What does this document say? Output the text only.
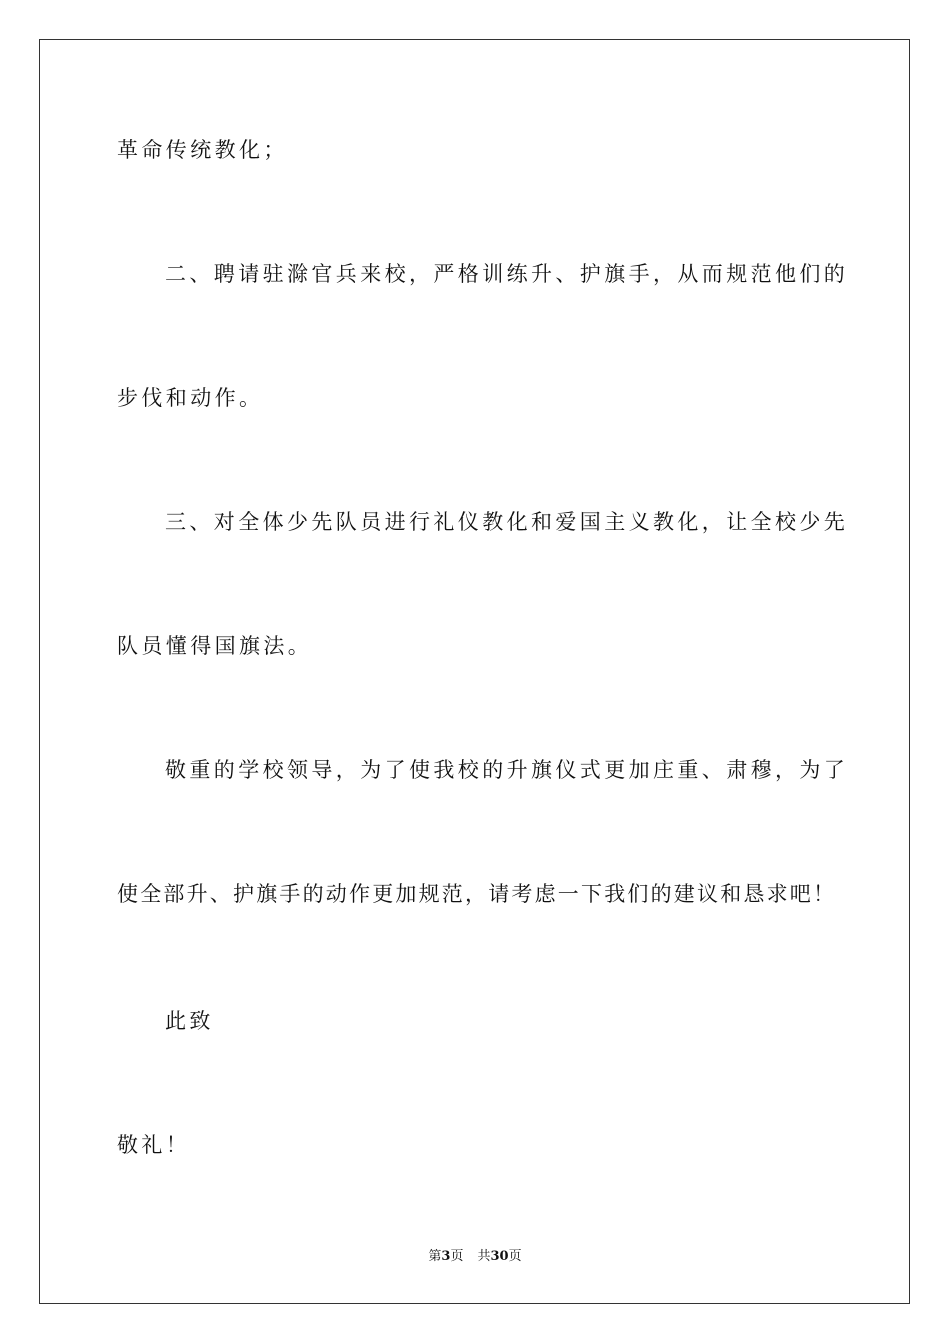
革命传统教化；

二、聘请驻滁官兵来校，严格训练升、护旗手，从而规范他们的

步伐和动作。

三、对全体少先队员进行礼仪教化和爱国主义教化，让全校少先

队员懂得国旗法。

敬重的学校领导，为了使我校的升旗仪式更加庄重、肃穆，为了

使全部升、护旗手的动作更加规范，请考虑一下我们的建议和恳求吧！

此致

敬礼！

第3页 共30页
